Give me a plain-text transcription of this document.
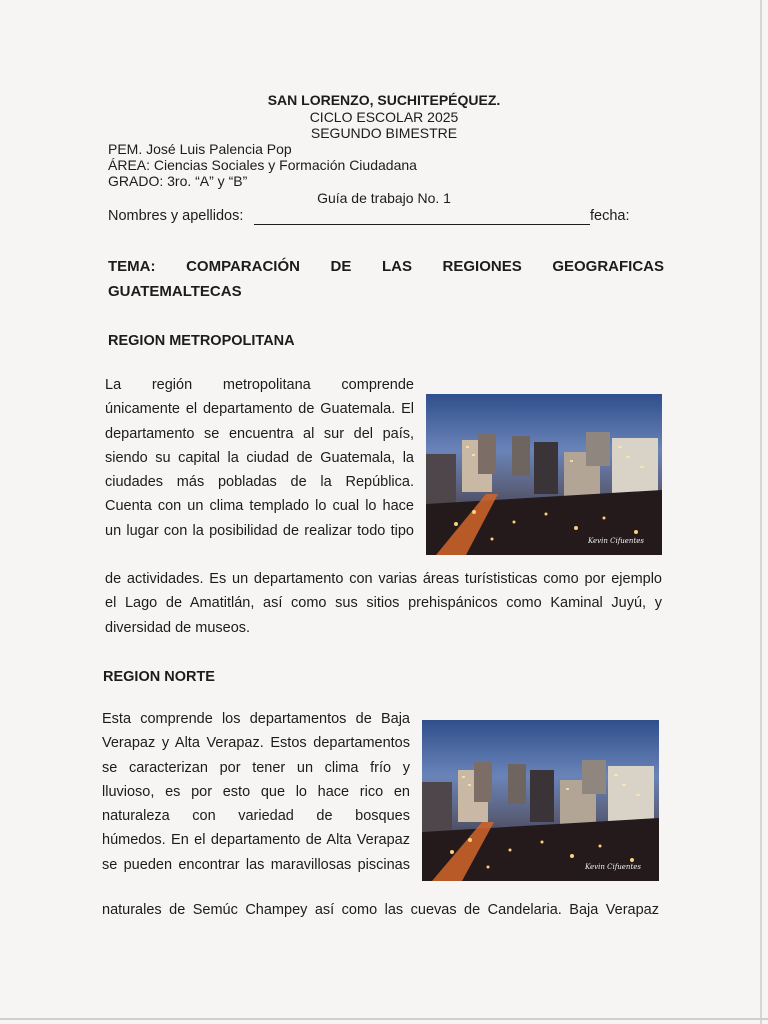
SAN LORENZO, SUCHITEPÉQUEZ.
CICLO ESCOLAR 2025
SEGUNDO BIMESTRE
PEM. José Luis Palencia Pop
ÁREA: Ciencias Sociales y Formación Ciudadana
GRADO: 3ro. “A” y “B”
Guía de trabajo No. 1
Nombres y apellidos:	fecha:
TEMA: COMPARACIÓN DE LAS REGIONES GEOGRAFICAS
GUATEMALTECAS
REGION METROPOLITANA

La región metropolitana comprende

únicamente el departamento de Guatemala. El

departamento se encuentra al sur del país,

siendo su capital la ciudad de Guatemala, la

ciudades más pobladas de la República.

Cuenta con un clima templado lo cual lo hace

un lugar con la posibilidad de realizar todo tipo

Kevin Cifuentes

de actividades. Es un departamento con varias áreas turístisticas como por ejemplo

el Lago de Amatitlán, así como sus sitios prehispánicos como Kaminal Juyú, y

diversidad de museos.

REGION NORTE

Esta comprende los departamentos de Baja

Verapaz y Alta Verapaz. Estos departamentos

se caracterizan por tener un clima frío y

lluvioso, es por esto que lo hace rico en

naturaleza con variedad de bosques

húmedos. En el departamento de Alta Verapaz

se pueden encontrar las maravillosas piscinas	Kevin Cifuentes

naturales de Semúc Champey así como las cuevas de Candelaria. Baja Verapaz
